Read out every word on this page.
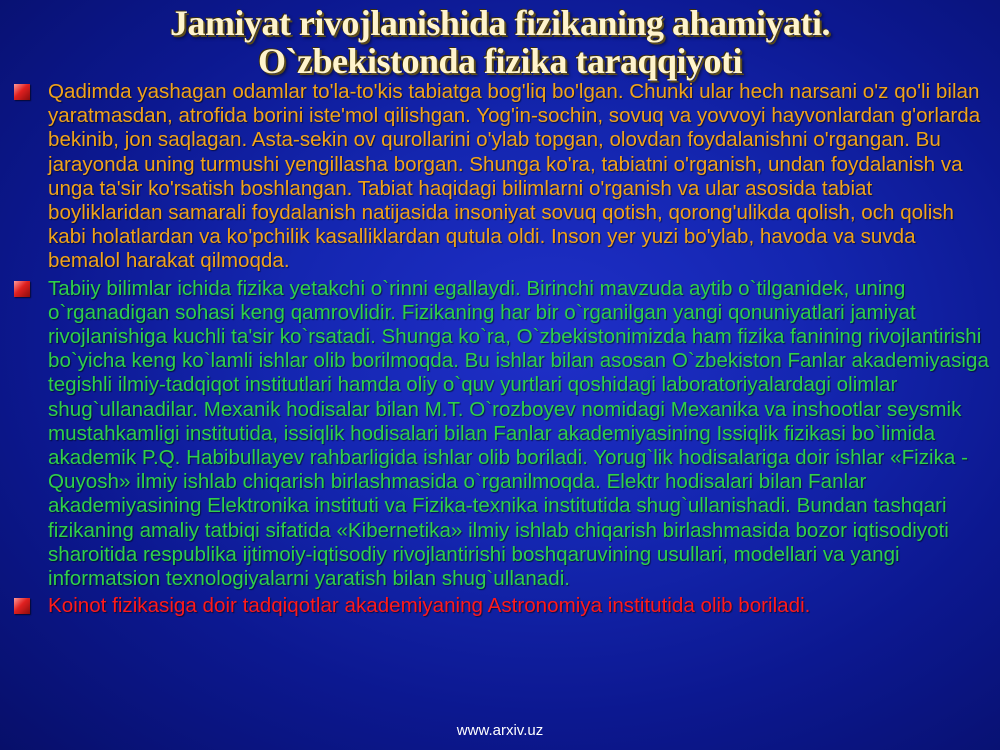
Jamiyat rivojlanishida fizikaning ahamiyati.
O`zbekistonda fizika taraqqiyoti

Qadimda yashagan odamlar to'la-to'kis tabiatga bog'liq bo'lgan. Chunki ular hech narsani o'z qo'li bilan yaratmasdan, atrofida borini iste'mol qilishgan. Yog'in-sochin, sovuq va yovvoyi hayvonlardan g'orlarda bekinib, jon saqlagan. Asta-sekin ov qurollarini o'ylab topgan, olovdan foydalanishni o'rgangan. Bu jarayonda uning turmushi yengillasha borgan. Shunga ko'ra, tabiatni o'rganish, undan foydalanish va unga ta'sir ko'rsatish boshlangan. Tabiat haqidagi bilimlarni o'rganish va ular asosida tabiat boyliklaridan samarali foydalanish natijasida insoniyat sovuq qotish, qorong'ulikda qolish, och qolish kabi holatlardan va ko'pchilik kasalliklardan qutula oldi. Inson yer yuzi bo'ylab, havoda va suvda bemalol harakat qilmoqda.

Tabiiy bilimlar ichida fizika yetakchi o`rinni egallaydi. Birinchi mavzuda aytib o`tilganidek, uning o`rganadigan sohasi keng qamrovlidir. Fizikaning har bir o`rganilgan yangi qonuniyatlari jamiyat rivojlanishiga kuchli ta'sir ko`rsatadi. Shunga ko`ra, O`zbekistonimizda ham fizika fanining rivojlantirishi bo`yicha keng ko`lamli ishlar olib borilmoqda. Bu ishlar bilan asosan O`zbekiston Fanlar akademiyasiga tegishli ilmiy-tadqiqot institutlari hamda oliy o`quv yurtlari qoshidagi laboratoriyalardagi olimlar shug`ullanadilar. Mexanik hodisalar bilan M.T. O`rozboyev nomidagi Mexanika va inshootlar seysmik mustahkamligi institutida, issiqlik hodisalari bilan Fanlar akademiyasining Issiqlik fizikasi bo`limida akademik P.Q. Habibullayev rahbarligida ishlar olib boriladi. Yorug`lik hodisalariga doir ishlar «Fizika - Quyosh» ilmiy ishlab chiqarish birlashmasida o`rganilmoqda. Elektr hodisalari bilan Fanlar akademiyasining Elektronika instituti va Fizika-texnika institutida shug`ullanishadi. Bundan tashqari fizikaning amaliy tatbiqi sifatida «Kibernetika» ilmiy ishlab chiqarish birlashmasida bozor iqtisodiyoti sharoitida respublika ijtimoiy-iqtisodiy rivojlantirishi boshqaruvining usullari, modellari va yangi informatsion texnologiyalarni yaratish bilan shug`ullanadi.

Koinot fizikasiga doir tadqiqotlar akademiyaning Astronomiya institutida olib boriladi.

www.arxiv.uz
